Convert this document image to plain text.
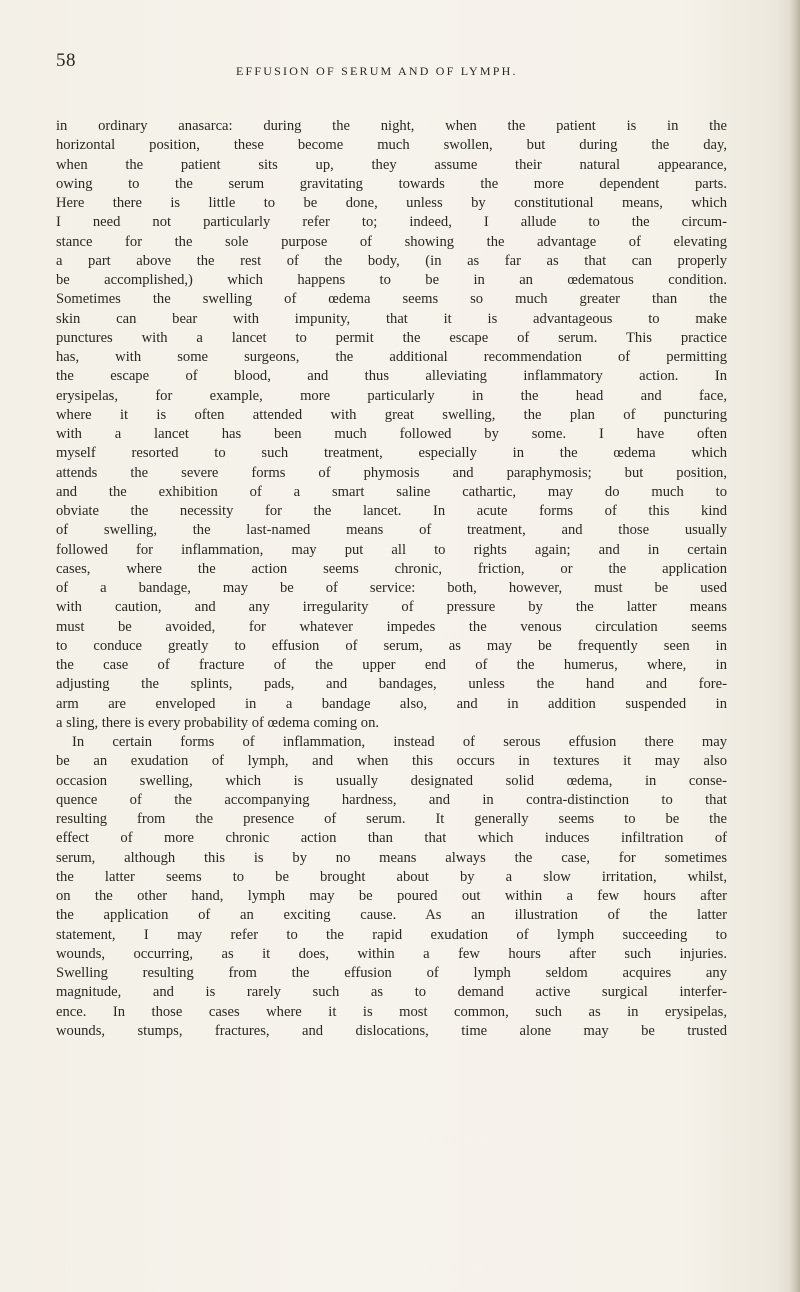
58	EFFUSION OF SERUM AND OF LYMPH.
in ordinary anasarca: during the night, when the patient is in the
horizontal position, these become much swollen, but during the day,
when the patient sits up, they assume their natural appearance,
owing to the serum gravitating towards the more dependent parts.
Here there is little to be done, unless by constitutional means, which
I need not particularly refer to; indeed, I allude to the circum-
stance for the sole purpose of showing the advantage of elevating
a part above the rest of the body, (in as far as that can properly
be accomplished,) which happens to be in an œdematous condition.
Sometimes the swelling of œdema seems so much greater than the
skin can bear with impunity, that it is advantageous to make
punctures with a lancet to permit the escape of serum. This practice
has, with some surgeons, the additional recommendation of permitting
the escape of blood, and thus alleviating inflammatory action. In
erysipelas, for example, more particularly in the head and face,
where it is often attended with great swelling, the plan of puncturing
with a lancet has been much followed by some. I have often
myself resorted to such treatment, especially in the œdema which
attends the severe forms of phymosis and paraphymosis; but position,
and the exhibition of a smart saline cathartic, may do much to
obviate the necessity for the lancet. In acute forms of this kind
of swelling, the last-named means of treatment, and those usually
followed for inflammation, may put all to rights again; and in certain
cases, where the action seems chronic, friction, or the application
of a bandage, may be of service: both, however, must be used
with caution, and any irregularity of pressure by the latter means
must be avoided, for whatever impedes the venous circulation seems
to conduce greatly to effusion of serum, as may be frequently seen in
the case of fracture of the upper end of the humerus, where, in
adjusting the splints, pads, and bandages, unless the hand and fore-
arm are enveloped in a bandage also, and in addition suspended in
a sling, there is every probability of œdema coming on.
In certain forms of inflammation, instead of serous effusion there may
be an exudation of lymph, and when this occurs in textures it may also
occasion swelling, which is usually designated solid œdema, in conse-
quence of the accompanying hardness, and in contra-distinction to that
resulting from the presence of serum. It generally seems to be the
effect of more chronic action than that which induces infiltration of
serum, although this is by no means always the case, for sometimes
the latter seems to be brought about by a slow irritation, whilst,
on the other hand, lymph may be poured out within a few hours after
the application of an exciting cause. As an illustration of the latter
statement, I may refer to the rapid exudation of lymph succeeding to
wounds, occurring, as it does, within a few hours after such injuries.
Swelling resulting from the effusion of lymph seldom acquires any
magnitude, and is rarely such as to demand active surgical interfer-
ence. In those cases where it is most common, such as in erysipelas,
wounds, stumps, fractures, and dislocations, time alone may be trusted
